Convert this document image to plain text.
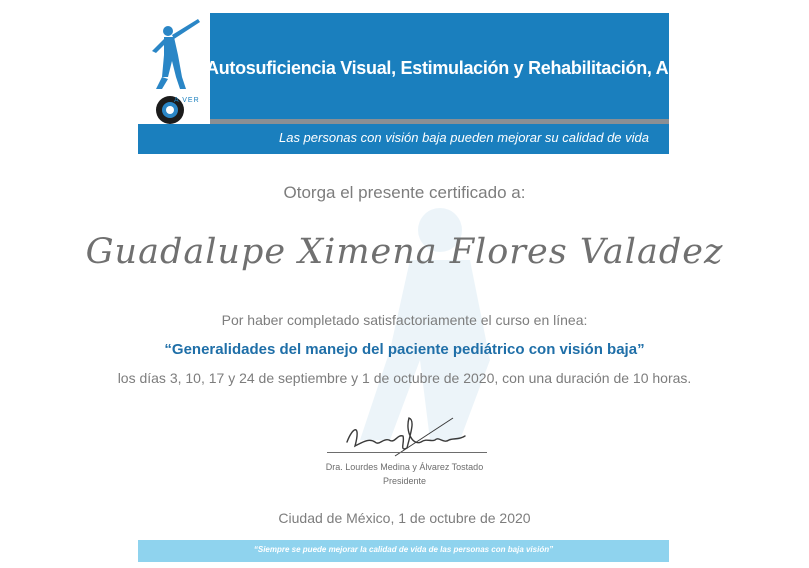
A VER
Autosuficiencia Visual, Estimulación y Rehabilitación, A.C.
Las personas con visión baja pueden mejorar su calidad de vida
Otorga el presente certificado a:
Guadalupe Ximena Flores Valadez
Por haber completado satisfactoriamente el curso en línea:
“Generalidades del manejo del paciente pediátrico con visión baja”
los días 3, 10, 17 y 24 de septiembre y 1 de octubre de 2020, con una duración de 10 horas.
Dra. Lourdes Medina y Álvarez Tostado
Presidente
Ciudad de México, 1 de octubre de 2020
“Siempre se puede mejorar la calidad de vida de las personas con baja visión”
